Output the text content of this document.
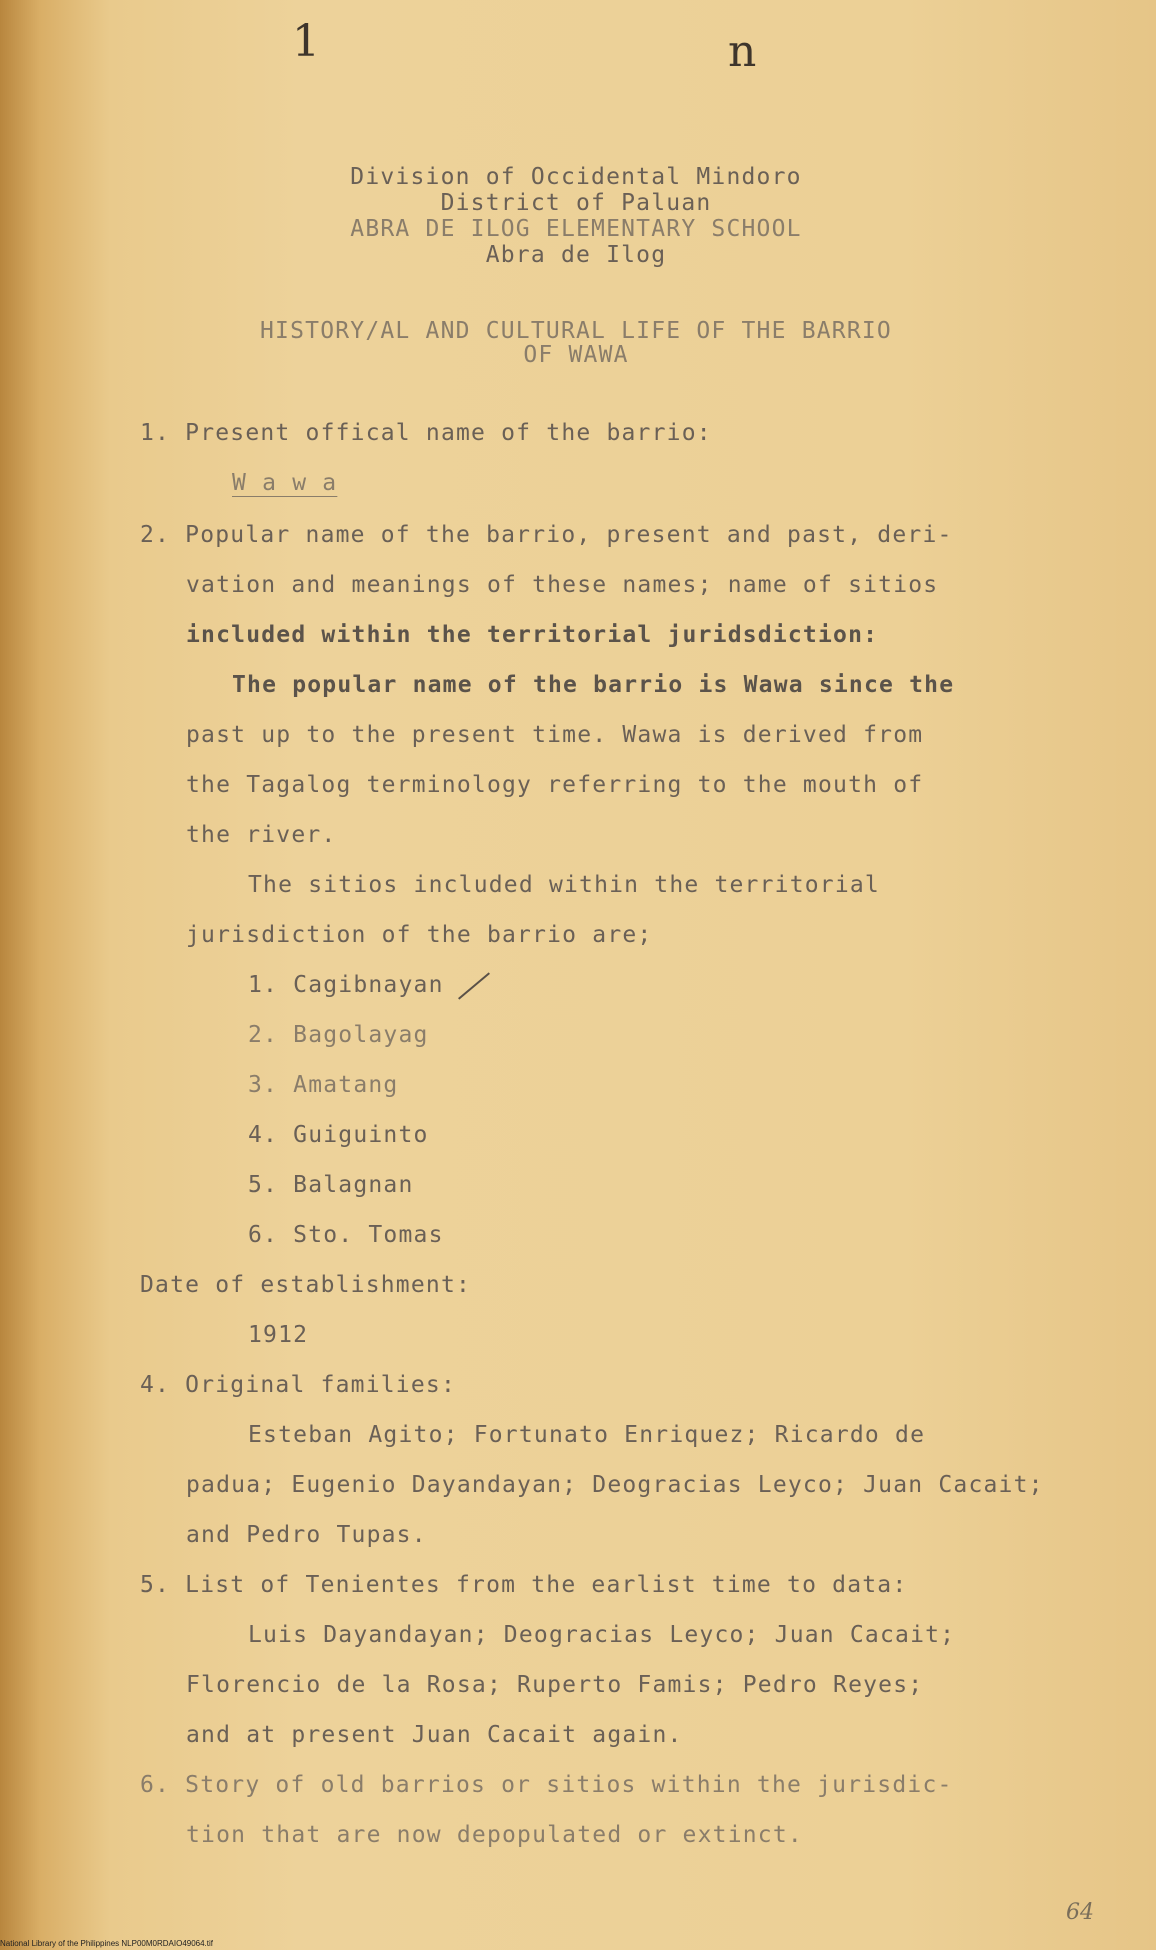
1	n
Division of Occidental Mindoro
District of Paluan
ABRA DE ILOG ELEMENTARY SCHOOL
Abra de Ilog
HISTORY/AL AND CULTURAL LIFE OF THE BARRIO
OF WAWA
1. Present offical name of the barrio:
W a w a
2. Popular name of the barrio, present and past, deri-
vation and meanings of these names; name of sitios
included within the territorial juridsdiction:
The popular name of the barrio is Wawa since the
past up to the present time. Wawa is derived from
the Tagalog terminology referring to the mouth of
the river.
The sitios included within the territorial
jurisdiction of the barrio are;
1. Cagibnayan
2. Bagolayag
3. Amatang
4. Guiguinto
5. Balagnan
6. Sto. Tomas
Date of establishment:
1912
4. Original families:
Esteban Agito; Fortunato Enriquez; Ricardo de
padua; Eugenio Dayandayan; Deogracias Leyco; Juan Cacait;
and Pedro Tupas.
5. List of Tenientes from the earlist time to data:
Luis Dayandayan; Deogracias Leyco; Juan Cacait;
Florencio de la Rosa; Ruperto Famis; Pedro Reyes;
and at present Juan Cacait again.
6. Story of old barrios or sitios within the jurisdic-
tion that are now depopulated or extinct.
64
National Library of the Philippines NLP00M0RDAIO49064.tif
